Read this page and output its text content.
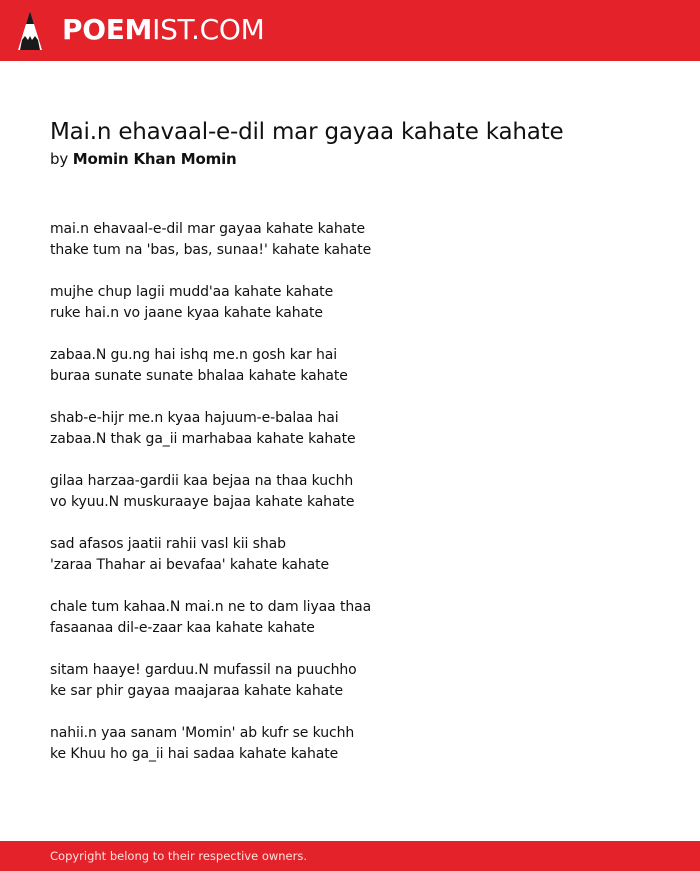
POEMIST.COM
Mai.n ehavaal-e-dil mar gayaa kahate kahate
by Momin Khan Momin
mai.n ehavaal-e-dil mar gayaa kahate kahate
thake tum na 'bas, bas, sunaa!' kahate kahate
mujhe chup lagii mudd'aa kahate kahate
ruke hai.n vo jaane kyaa kahate kahate
zabaa.N gu.ng hai ishq me.n gosh kar hai
buraa sunate sunate bhalaa kahate kahate
shab-e-hijr me.n kyaa hajuum-e-balaa hai
zabaa.N thak ga_ii marhabaa kahate kahate
gilaa harzaa-gardii kaa bejaa na thaa kuchh
vo kyuu.N muskuraaye bajaa kahate kahate
sad afasos jaatii rahii vasl kii shab
'zaraa Thahar ai bevafaa' kahate kahate
chale tum kahaa.N mai.n ne to dam liyaa thaa
fasaanaa dil-e-zaar kaa kahate kahate
sitam haaye! garduu.N mufassil na puuchho
ke sar phir gayaa maajaraa kahate kahate
nahii.n yaa sanam 'Momin' ab kufr se kuchh
ke Khuu ho ga_ii hai sadaa kahate kahate
Copyright belong to their respective owners.
